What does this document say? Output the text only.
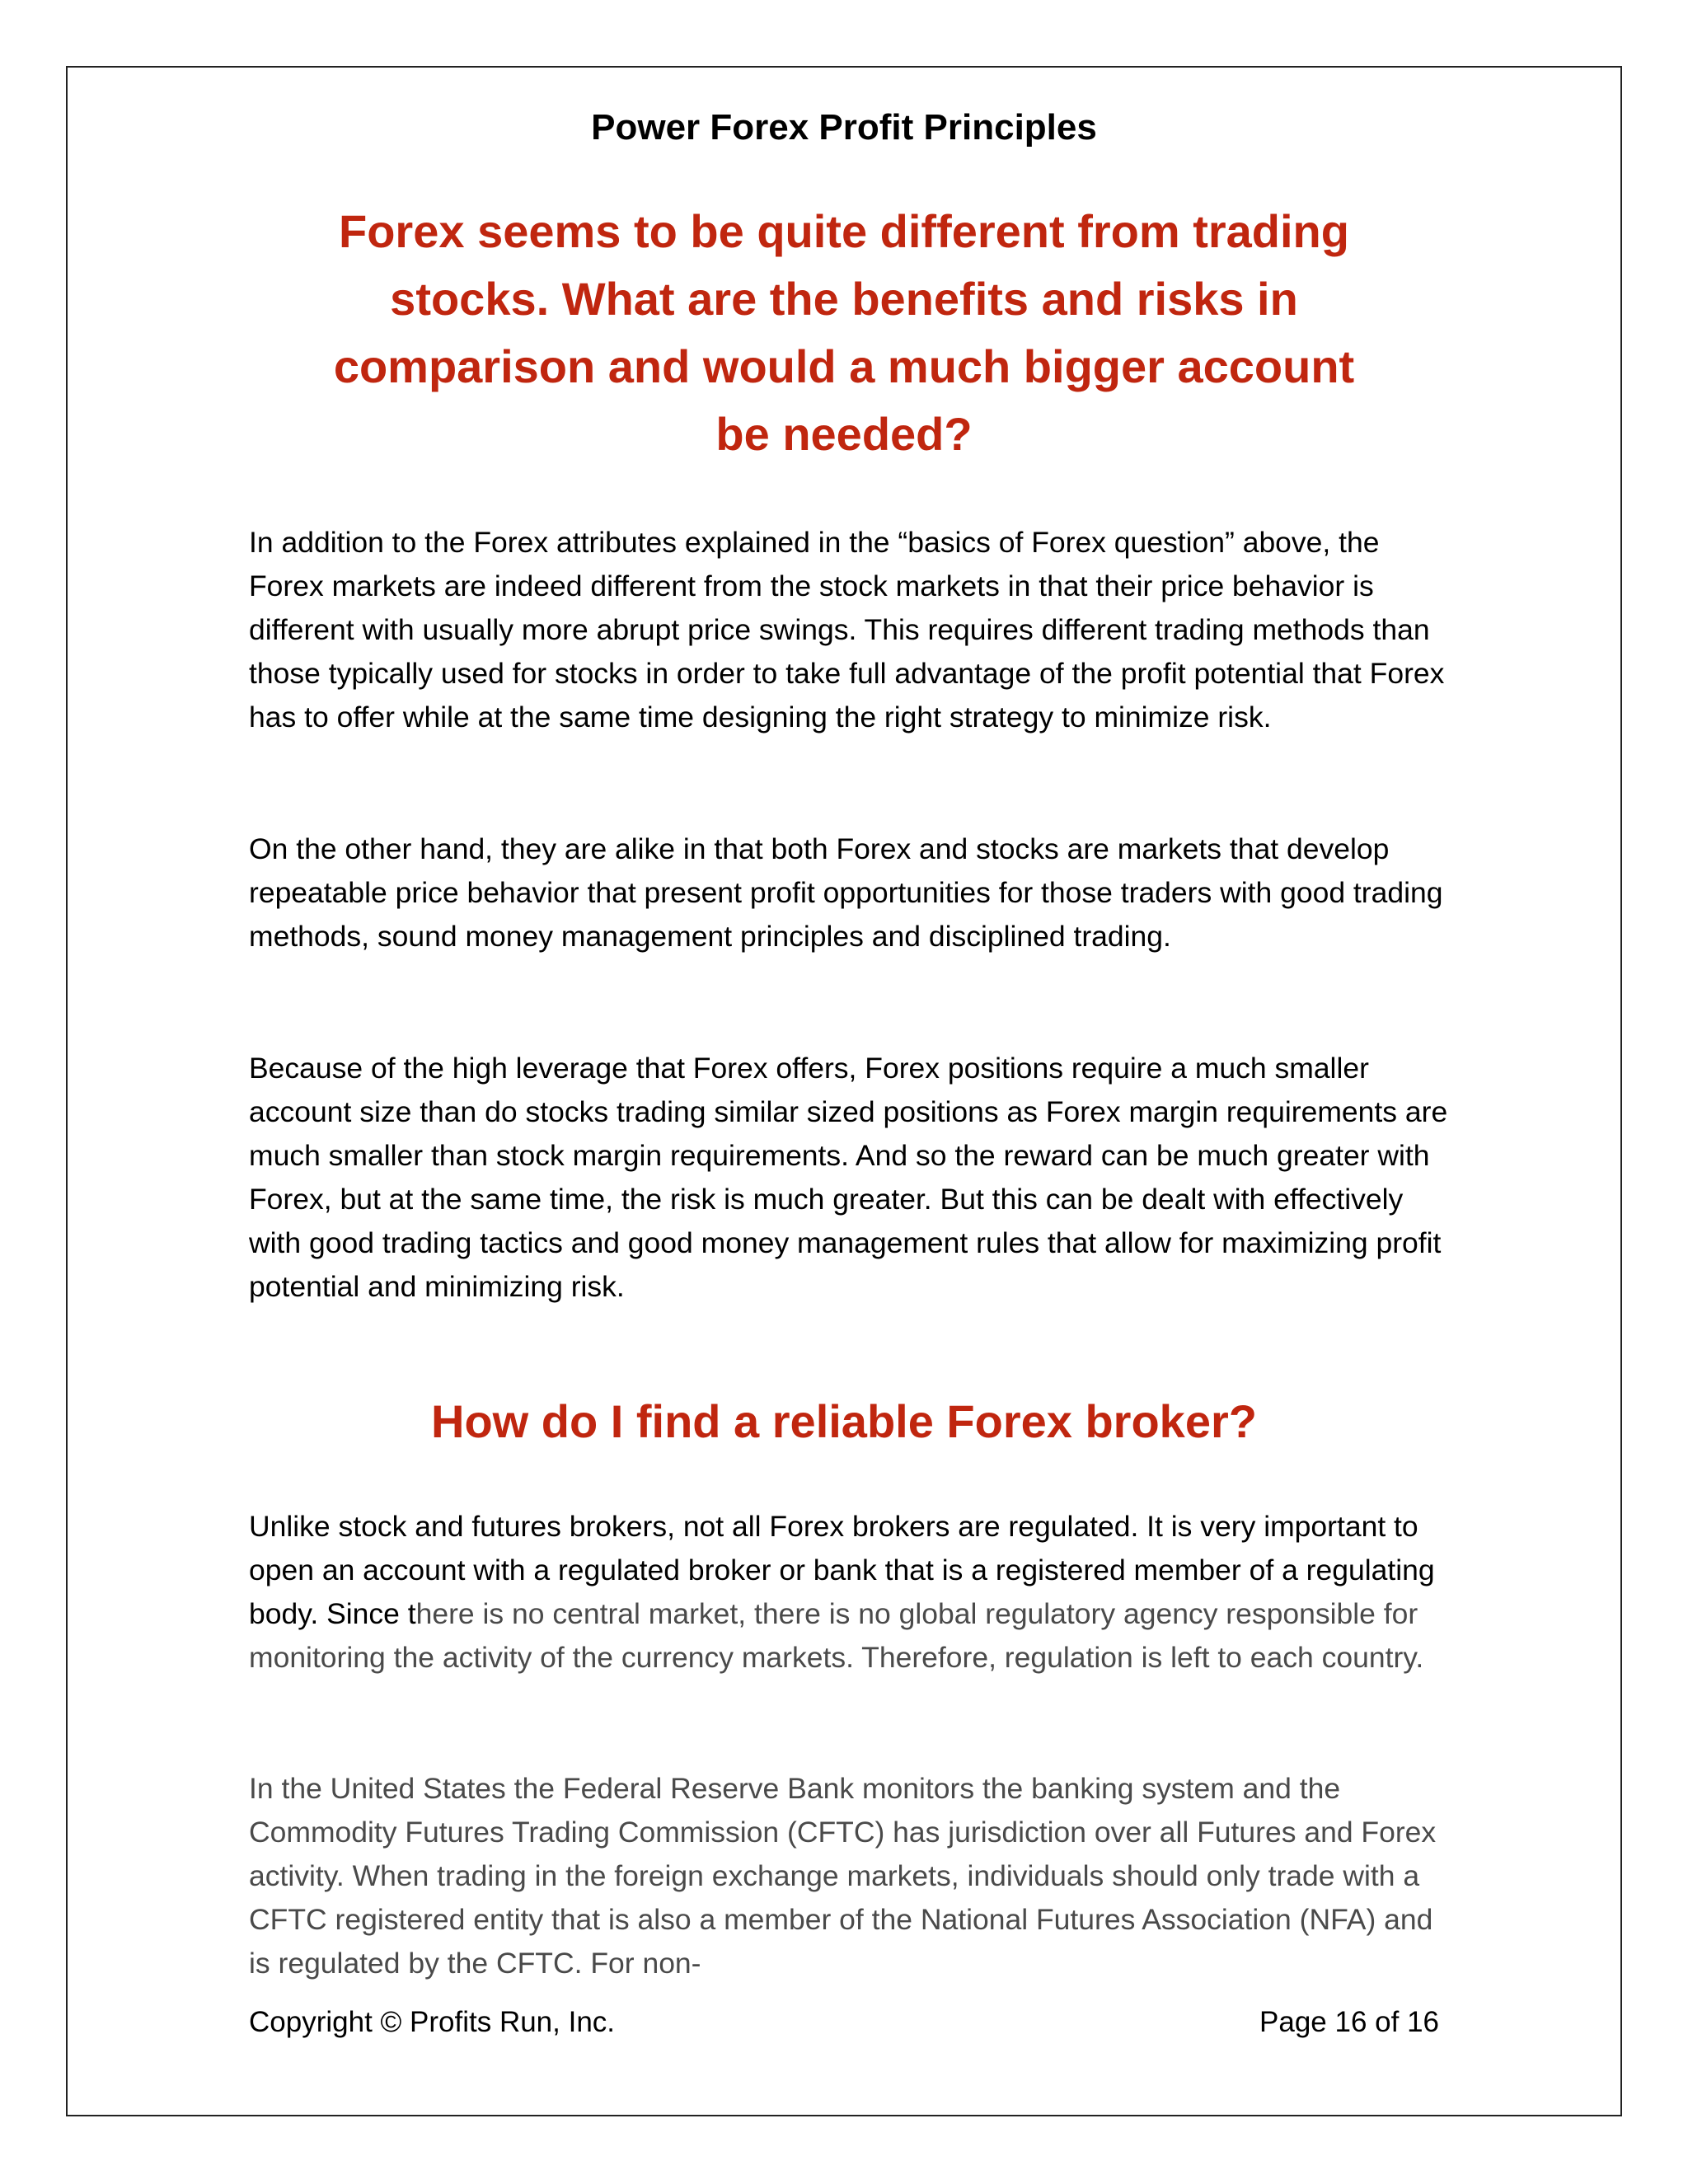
Power Forex Profit Principles
Forex seems to be quite different from trading stocks. What are the benefits and risks in comparison and would a much bigger account be needed?

In addition to the Forex attributes explained in the “basics of Forex question” above, the Forex markets are indeed different from the stock markets in that their price behavior is different with usually more abrupt price swings. This requires different trading methods than those typically used for stocks in order to take full advantage of the profit potential that Forex has to offer while at the same time designing the right strategy to minimize risk.

On the other hand, they are alike in that both Forex and stocks are markets that develop repeatable price behavior that present profit opportunities for those traders with good trading methods, sound money management principles and disciplined trading.

Because of the high leverage that Forex offers, Forex positions require a much smaller account size than do stocks trading similar sized positions as Forex margin requirements are much smaller than stock margin requirements. And so the reward can be much greater with Forex, but at the same time, the risk is much greater. But this can be dealt with effectively with good trading tactics and good money management rules that allow for maximizing profit potential and minimizing risk.

How do I find a reliable Forex broker?

Unlike stock and futures brokers, not all Forex brokers are regulated. It is very important to open an account with a regulated broker or bank that is a registered member of a regulating body. Since there is no central market, there is no global regulatory agency responsible for monitoring the activity of the currency markets. Therefore, regulation is left to each country.

In the United States the Federal Reserve Bank monitors the banking system and the Commodity Futures Trading Commission (CFTC) has jurisdiction over all Futures and Forex activity. When trading in the foreign exchange markets, individuals should only trade with a CFTC registered entity that is also a member of the National Futures Association (NFA) and is regulated by the CFTC. For non-

Copyright © Profits Run, Inc.	Page 16 of 16
